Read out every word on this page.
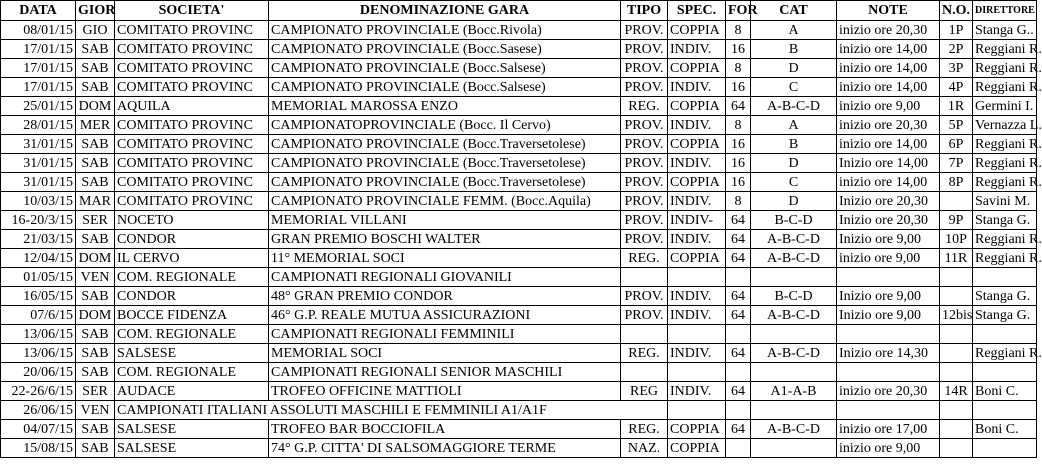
DATA	GIOR	SOCIETA'	DENOMINAZIONE GARA	TIPO	SPEC.	FOR	CAT	NOTE	N.O.	DIRETTORE
08/01/15	GIO	COMITATO PROVINC	CAMPIONATO PROVINCIALE (Bocc.Rivola)	PROV.	COPPIA	8	A	inizio ore 20,30	1P	Stanga G..
17/01/15	SAB	COMITATO PROVINC	CAMPIONATO PROVINCIALE (Bocc.Sasese)	PROV.	INDIV.	16	B	inizio ore 14,00	2P	Reggiani R.
17/01/15	SAB	COMITATO PROVINC	CAMPIONATO PROVINCIALE (Bocc.Salsese)	PROV.	COPPIA	8	D	inizio ore 14,00	3P	Reggiani R.
17/01/15	SAB	COMITATO PROVINC	CAMPIONATO PROVINCIALE (Bocc.Salsese)	PROV.	INDIV.	16	C	inizio ore 14,00	4P	Reggiani R.
25/01/15	DOM	AQUILA	MEMORIAL MAROSSA ENZO	REG.	COPPIA	64	A-B-C-D	inizio ore 9,00	1R	Germini I.
28/01/15	MER	COMITATO PROVINC	CAMPIONATOPROVINCIALE (Bocc. Il Cervo)	PROV.	INDIV.	8	A	inizio ore 20,30	5P	Vernazza L.
31/01/15	SAB	COMITATO PROVINC	CAMPIONATO PROVINCIALE (Bocc.Traversetolese)	PROV.	COPPIA	16	B	inizio ore 14,00	6P	Reggiani R.
31/01/15	SAB	COMITATO PROVINC	CAMPIONATO PROVINCIALE (Bocc.Traversetolese)	PROV.	INDIV.	16	D	Inizio ore 14,00	7P	Reggiani R.
31/01/15	SAB	COMITATO PROVINC	CAMPIONATO PROVINCIALE (Bocc.Traversetolese)	PROV.	COPPIA	16	C	inizio ore 14,00	8P	Reggiani R.
10/03/15	MAR	COMITATO PROVINC	CAMPIONATO PROVINCIALE FEMM. (Bocc.Aquila)	PROV.	INDIV.	8	D	Inizio ore 20,30		Savini M.
16-20/3/15	SER	NOCETO	MEMORIAL VILLANI	PROV.	INDIV-	64	B-C-D	Inizio ore 20,30	9P	Stanga G.
21/03/15	SAB	CONDOR	GRAN PREMIO BOSCHI WALTER	PROV.	INDIV.	64	A-B-C-D	Inizio ore 9,00	10P	Reggiani R.
12/04/15	DOM	IL CERVO	11° MEMORIAL SOCI	REG.	COPPIA	64	A-B-C-D	inizio ore 9,00	11R	Reggiani R.
01/05/15	VEN	COM. REGIONALE	CAMPIONATI REGIONALI GIOVANILI							
16/05/15	SAB	CONDOR	48° GRAN PREMIO CONDOR	PROV.	INDIV.	64	B-C-D	Inizio ore 9,00		Stanga G.
07/6/15	DOM	BOCCE FIDENZA	46° G.P. REALE MUTUA ASSICURAZIONI	PROV.	INDIV.	64	A-B-C-D	Inizio ore 9,00	12bis	Stanga G.
13/06/15	SAB	COM. REGIONALE	CAMPIONATI REGIONALI FEMMINILI							
13/06/15	SAB	SALSESE	MEMORIAL SOCI	REG.	INDIV.	64	A-B-C-D	Inizio ore 14,30		Reggiani R.
20/06/15	SAB	COM. REGIONALE	CAMPIONATI REGIONALI SENIOR MASCHILI							
22-26/6/15	SER	AUDACE	TROFEO OFFICINE MATTIOLI	REG	INDIV.	64	A1-A-B	inizio ore 20,30	14R	Boni C.
26/06/15	VEN	CAMPIONATI ITALIANI ASSOLUTI MASCHILI E FEMMINILI A1/A1F								
04/07/15	SAB	SALSESE	TROFEO BAR BOCCIOFILA	REG.	COPPIA	64	A-B-C-D	inizio ore 17,00		Boni C.
15/08/15	SAB	SALSESE	74° G.P. CITTA' DI SALSOMAGGIORE TERME	NAZ.	COPPIA			inizio ore 9,00		
